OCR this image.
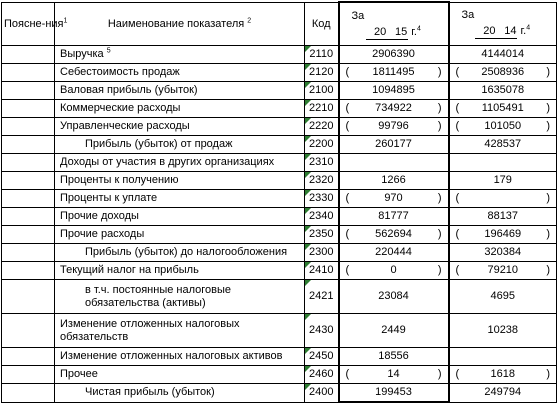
Поясне-ния$^1$	Наименование показателя $^2$	Код	За
20 15 г.$^4$	За
20 14 г.$^4$

	Выручка $^5$	2110	2906390	4144014
	Себестоимость продаж	2120	( 1811495 )	( 2508936 )

	Валовая прибыль (убыток)	2100	1094895	1635078
	Коммерческие расходы	2210	( 734922 )	( 1105491 )

	Управленческие расходы	2220	( 99796 )	( 101050 )

	Прибыль (убыток) от продаж	2200	260177	428537
	Доходы от участия в других организациях	2310		
	Проценты к получению	2320	1266	179
	Проценты к уплате	2330	( 970 )	( )

	Прочие доходы	2340	81777	88137
	Прочие расходы	2350	( 562694 )	( 196469 )

	Прибыль (убыток) до налогообложения	2300	220444	320384
	Текущий налог на прибыль	2410	( 0 )	( 79210 )

	в т.ч. постоянные налоговые обязательства (активы)	2421	23084	4695
	Изменение отложенных налоговых обязательств	2430	2449	10238
	Изменение отложенных налоговых активов	2450	18556	
	Прочее	2460	( 14 )	( 1618 )

	Чистая прибыль (убыток)	2400	199453	249794
